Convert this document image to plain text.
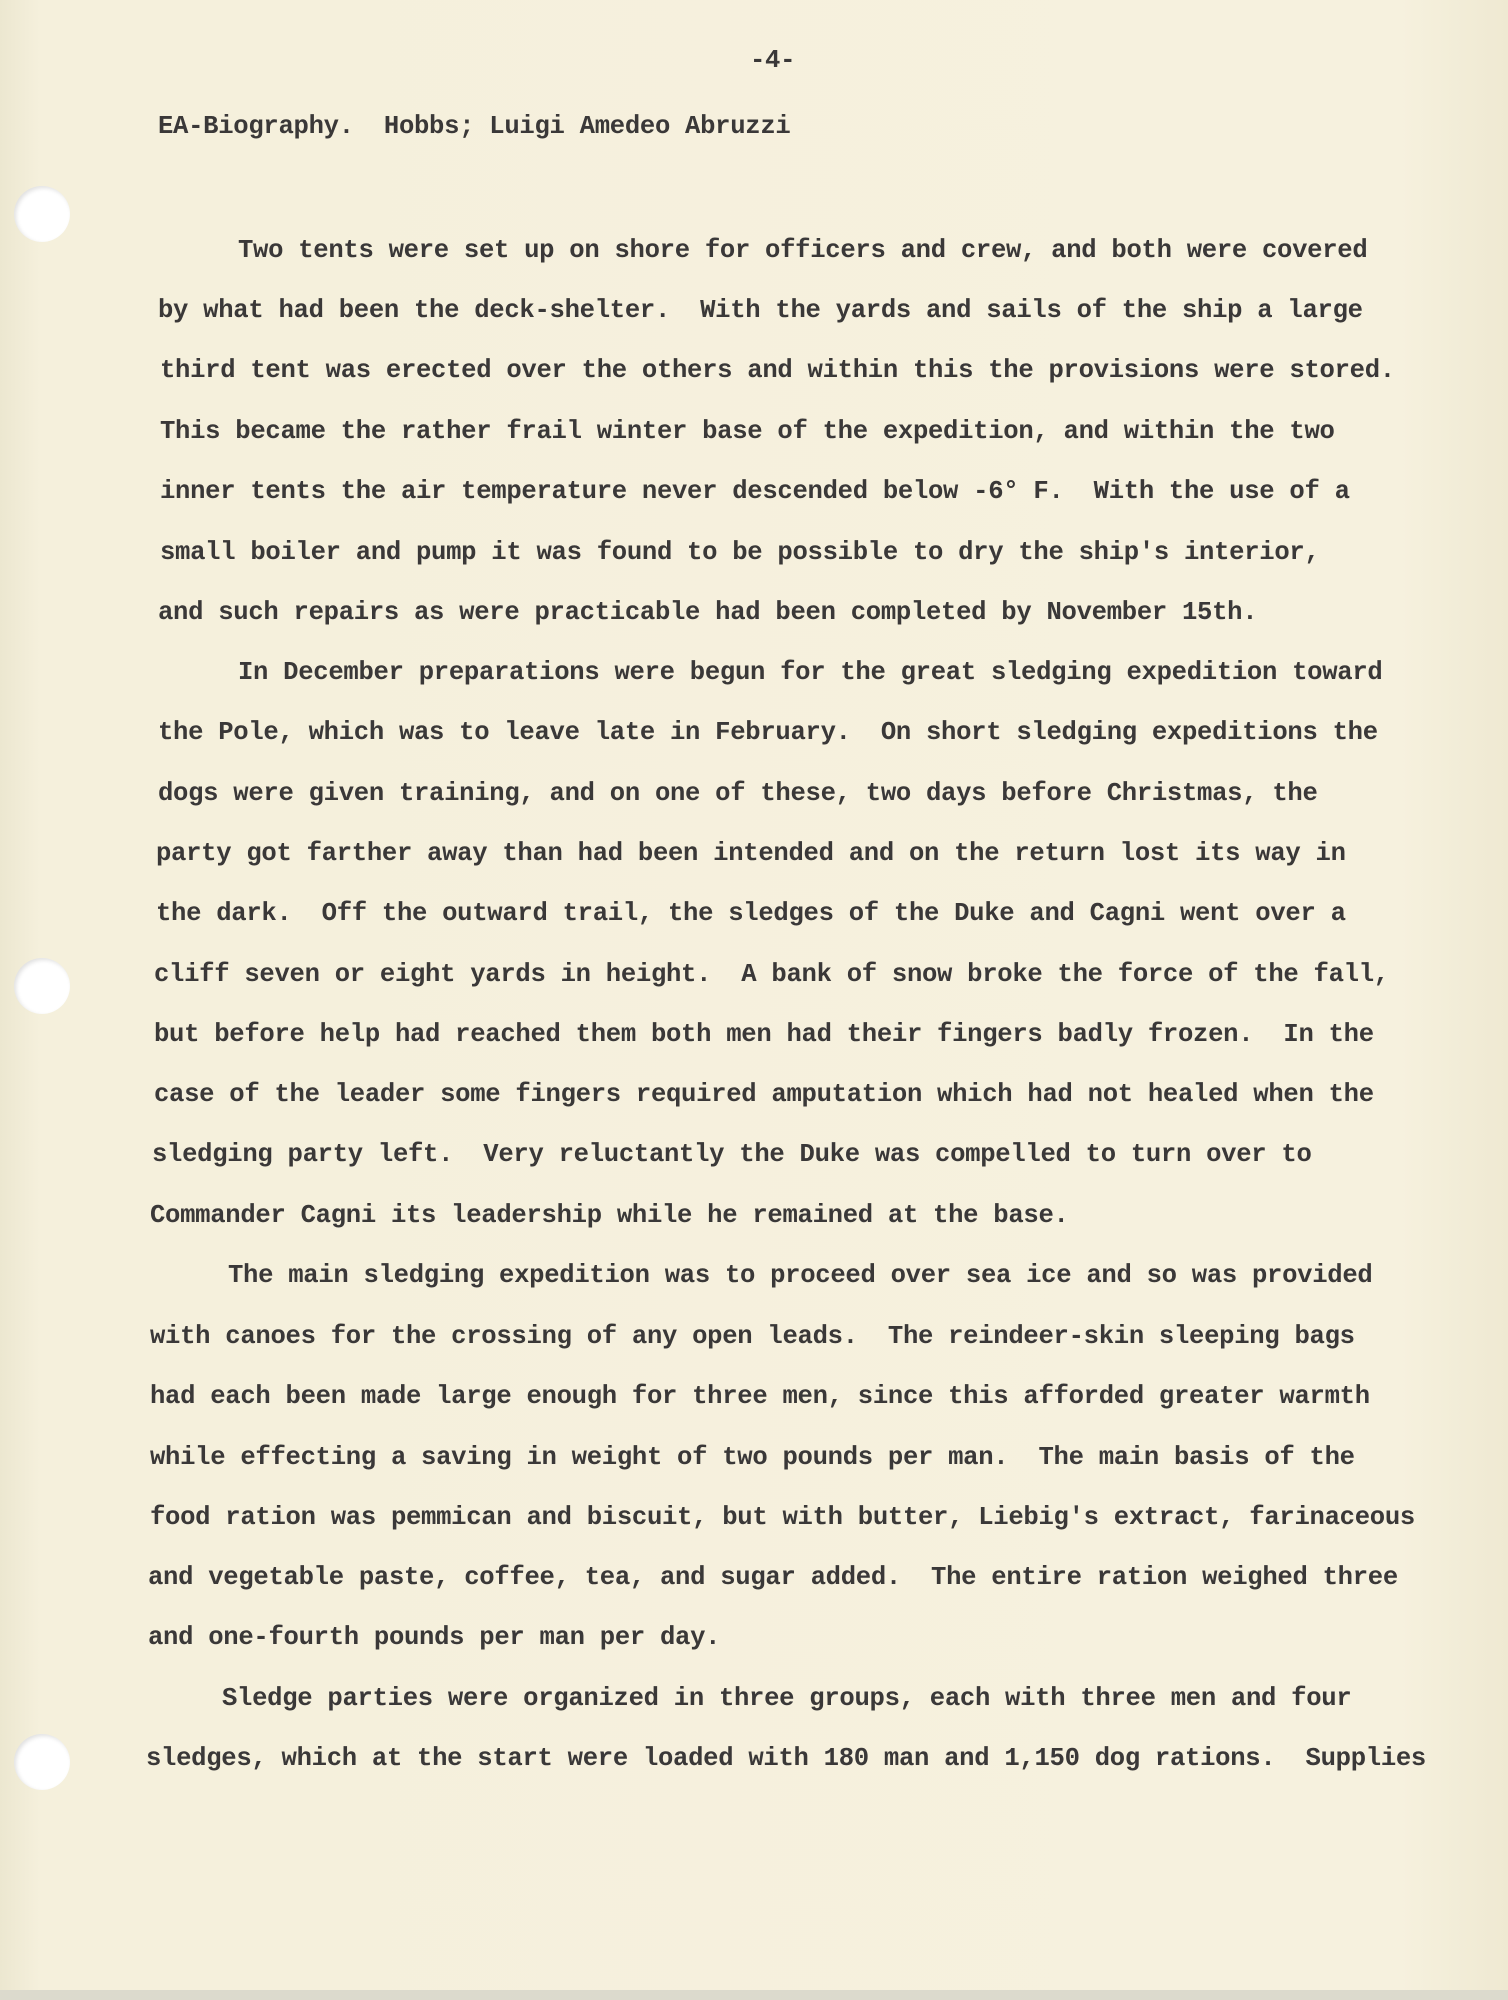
-4-

EA-Biography.  Hobbs; Luigi Amedeo Abruzzi

Two tents were set up on shore for officers and crew, and both were covered

by what had been the deck-shelter.  With the yards and sails of the ship a large

third tent was erected over the others and within this the provisions were stored.

This became the rather frail winter base of the expedition, and within the two

inner tents the air temperature never descended below -6° F.  With the use of a

small boiler and pump it was found to be possible to dry the ship's interior,

and such repairs as were practicable had been completed by November 15th.

In December preparations were begun for the great sledging expedition toward

the Pole, which was to leave late in February.  On short sledging expeditions the

dogs were given training, and on one of these, two days before Christmas, the

party got farther away than had been intended and on the return lost its way in

the dark.  Off the outward trail, the sledges of the Duke and Cagni went over a

cliff seven or eight yards in height.  A bank of snow broke the force of the fall,

but before help had reached them both men had their fingers badly frozen.  In the

case of the leader some fingers required amputation which had not healed when the

sledging party left.  Very reluctantly the Duke was compelled to turn over to

Commander Cagni its leadership while he remained at the base.

The main sledging expedition was to proceed over sea ice and so was provided

with canoes for the crossing of any open leads.  The reindeer-skin sleeping bags

had each been made large enough for three men, since this afforded greater warmth

while effecting a saving in weight of two pounds per man.  The main basis of the

food ration was pemmican and biscuit, but with butter, Liebig's extract, farinaceous

and vegetable paste, coffee, tea, and sugar added.  The entire ration weighed three

and one-fourth pounds per man per day.

Sledge parties were organized in three groups, each with three men and four

sledges, which at the start were loaded with 180 man and 1,150 dog rations.  Supplies
